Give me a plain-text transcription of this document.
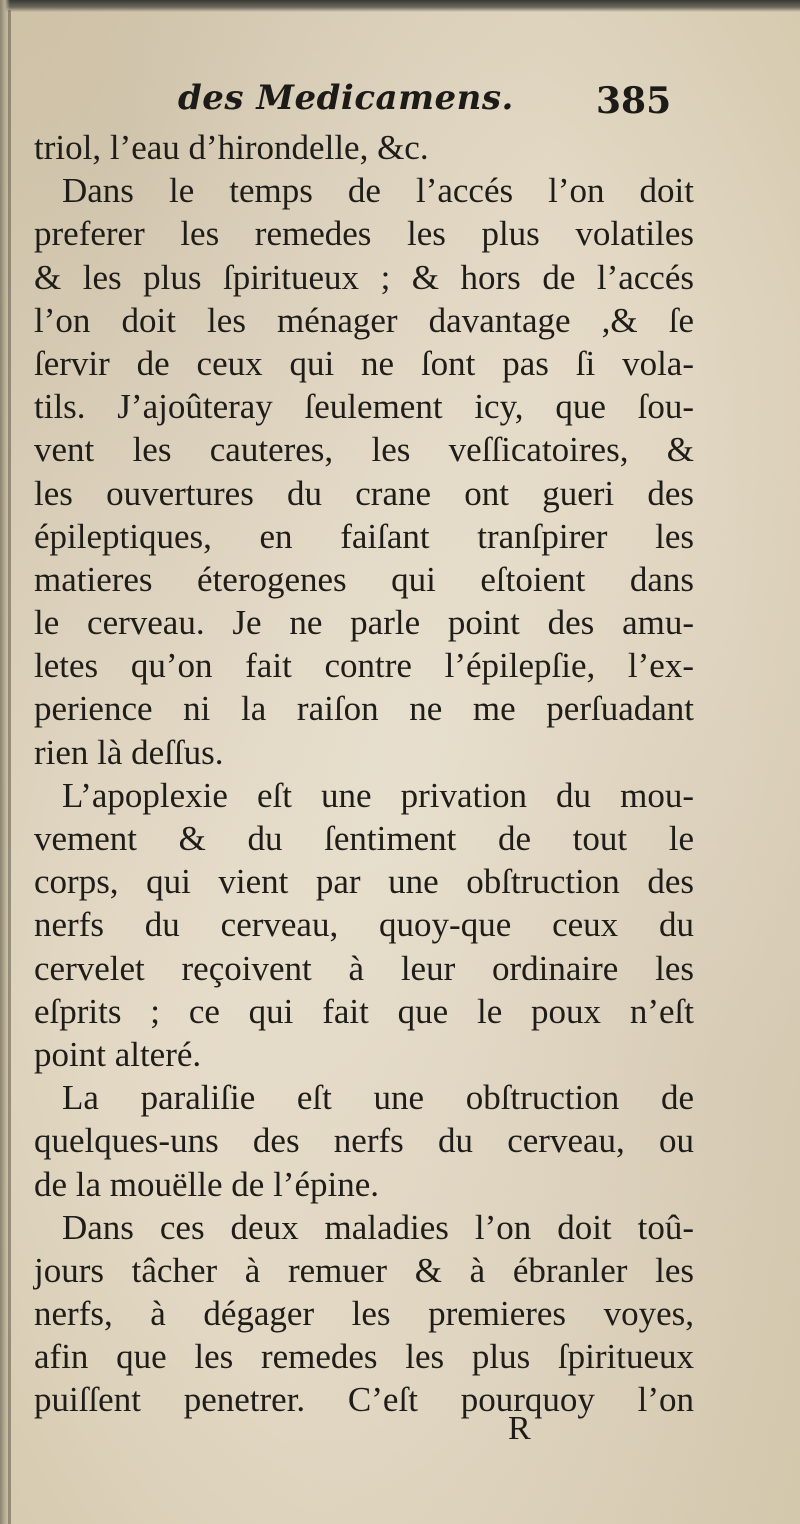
des Medicamens. 385
triol, l’eau d’hirondelle, &c.
Dans le temps de l’accés l’on doit
preferer les remedes les plus volatiles
& les plus ſpiritueux ; & hors de l’accés
l’on doit les ménager davantage ,& ſe
ſervir de ceux qui ne ſont pas ſi vola-
tils. J’ajoûteray ſeulement icy, que ſou-
vent les cauteres, les veſſicatoires, &
les ouvertures du crane ont gueri des
épileptiques, en faiſant tranſpirer les
matieres éterogenes qui eſtoient dans
le cerveau. Je ne parle point des amu-
letes qu’on fait contre l’épilepſie, l’ex-
perience ni la raiſon ne me perſuadant
rien là deſſus.
L’apoplexie eſt une privation du mou-
vement & du ſentiment de tout le
corps, qui vient par une obſtruction des
nerfs du cerveau, quoy-que ceux du
cervelet reçoivent à leur ordinaire les
eſprits ; ce qui fait que le poux n’eſt
point alteré.
La paraliſie eſt une obſtruction de
quelques-uns des nerfs du cerveau, ou
de la mouëlle de l’épine.
Dans ces deux maladies l’on doit toû-
jours tâcher à remuer & à ébranler les
nerfs, à dégager les premieres voyes,
afin que les remedes les plus ſpiritueux
puiſſent penetrer. C’eſt pourquoy l’on
R
